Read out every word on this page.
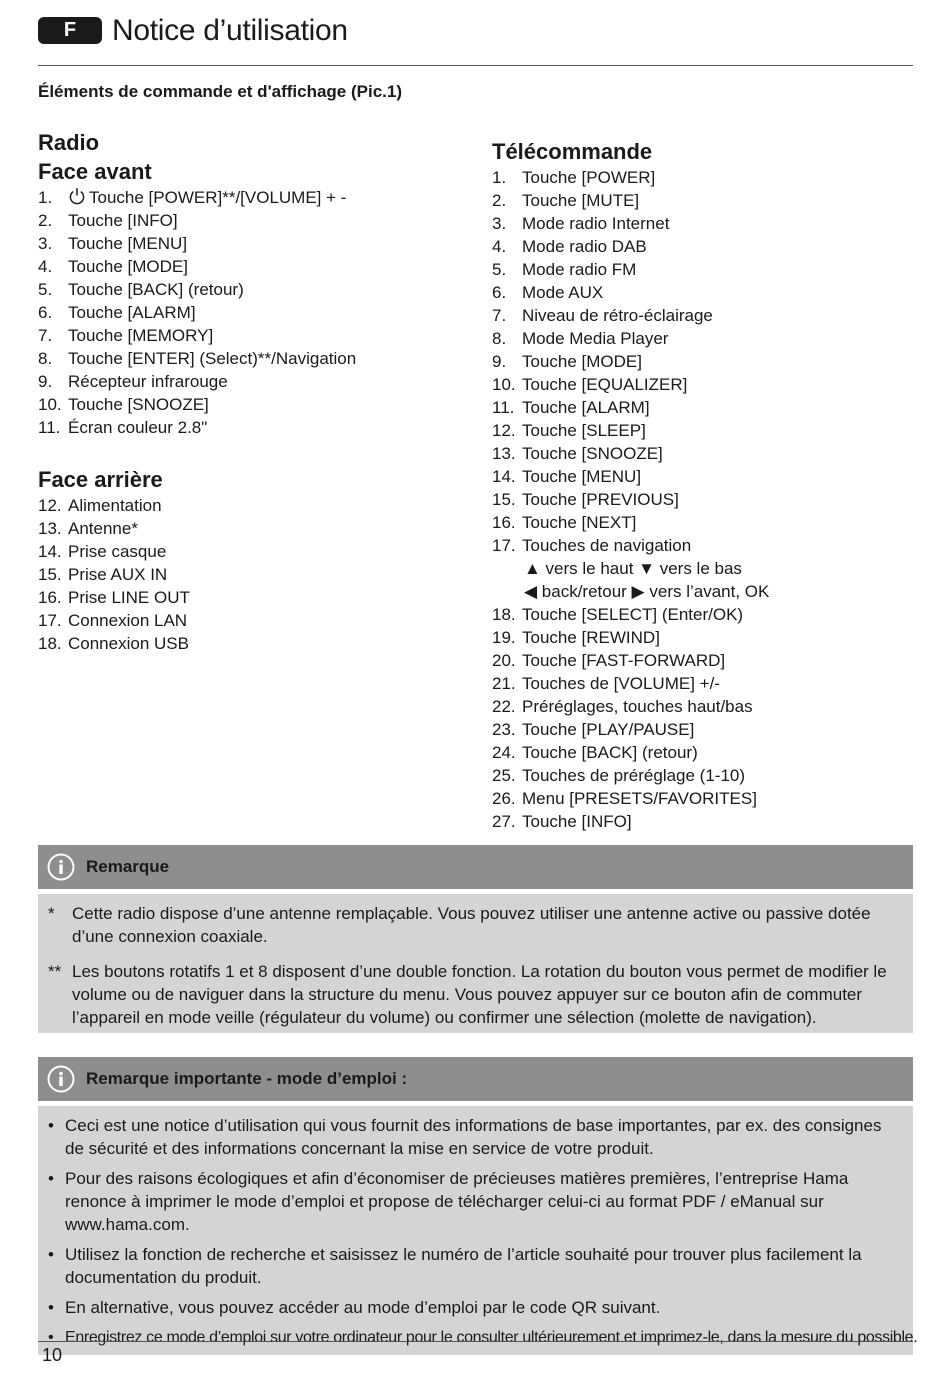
F	Notice d’utilisation
Éléments de commande et d'affichage (Pic.1)
Radio
Face avant
1.	Touche [POWER]**/[VOLUME] + -
2. Touche [INFO]
3. Touche [MENU]
4. Touche [MODE]
5. Touche [BACK] (retour)
6. Touche [ALARM]
7. Touche [MEMORY]
8. Touche [ENTER] (Select)**/Navigation
9. Récepteur infrarouge
10. Touche [SNOOZE]
11. Écran couleur 2.8"
Face arrière
12. Alimentation
13. Antenne*
14. Prise casque
15. Prise AUX IN
16. Prise LINE OUT
17. Connexion LAN
18. Connexion USB
Télécommande
1. Touche [POWER]
2. Touche [MUTE]
3. Mode radio Internet
4. Mode radio DAB
5. Mode radio FM
6. Mode AUX
7. Niveau de rétro-éclairage
8. Mode Media Player
9. Touche [MODE]
10. Touche [EQUALIZER]
11. Touche [ALARM]
12. Touche [SLEEP]
13. Touche [SNOOZE]
14. Touche [MENU]
15. Touche [PREVIOUS]
16. Touche [NEXT]
17. Touches de navigation
▲ vers le haut ▼ vers le bas
◀ back/retour ▶ vers l’avant, OK
18. Touche [SELECT] (Enter/OK)
19. Touche [REWIND]
20. Touche [FAST-FORWARD]
21. Touches de [VOLUME] +/-
22. Préréglages, touches haut/bas
23. Touche [PLAY/PAUSE]
24. Touche [BACK] (retour)
25. Touches de préréglage (1-10)
26. Menu [PRESETS/FAVORITES]
27. Touche [INFO]
Remarque
*	Cette radio dispose d’une antenne remplaçable. Vous pouvez utiliser une antenne active ou passive dotée d’une connexion coaxiale.
** Les boutons rotatifs 1 et 8 disposent d’une double fonction. La rotation du bouton vous permet de modifier le volume ou de naviguer dans la structure du menu. Vous pouvez appuyer sur ce bouton afin de commuter l’appareil en mode veille (régulateur du volume) ou confirmer une sélection (molette de navigation).
Remarque importante - mode d’emploi :
• Ceci est une notice d’utilisation qui vous fournit des informations de base importantes, par ex. des consignes de sécurité et des informations concernant la mise en service de votre produit.
• Pour des raisons écologiques et afin d’économiser de précieuses matières premières, l’entreprise Hama renonce à imprimer le mode d’emploi et propose de télécharger celui-ci au format PDF / eManual sur www.hama.com.
• Utilisez la fonction de recherche et saisissez le numéro de l’article souhaité pour trouver plus facilement la documentation du produit.
• En alternative, vous pouvez accéder au mode d’emploi par le code QR suivant.
• Enregistrez ce mode d’emploi sur votre ordinateur pour le consulter ultérieurement et imprimez-le, dans la mesure du possible.
10
